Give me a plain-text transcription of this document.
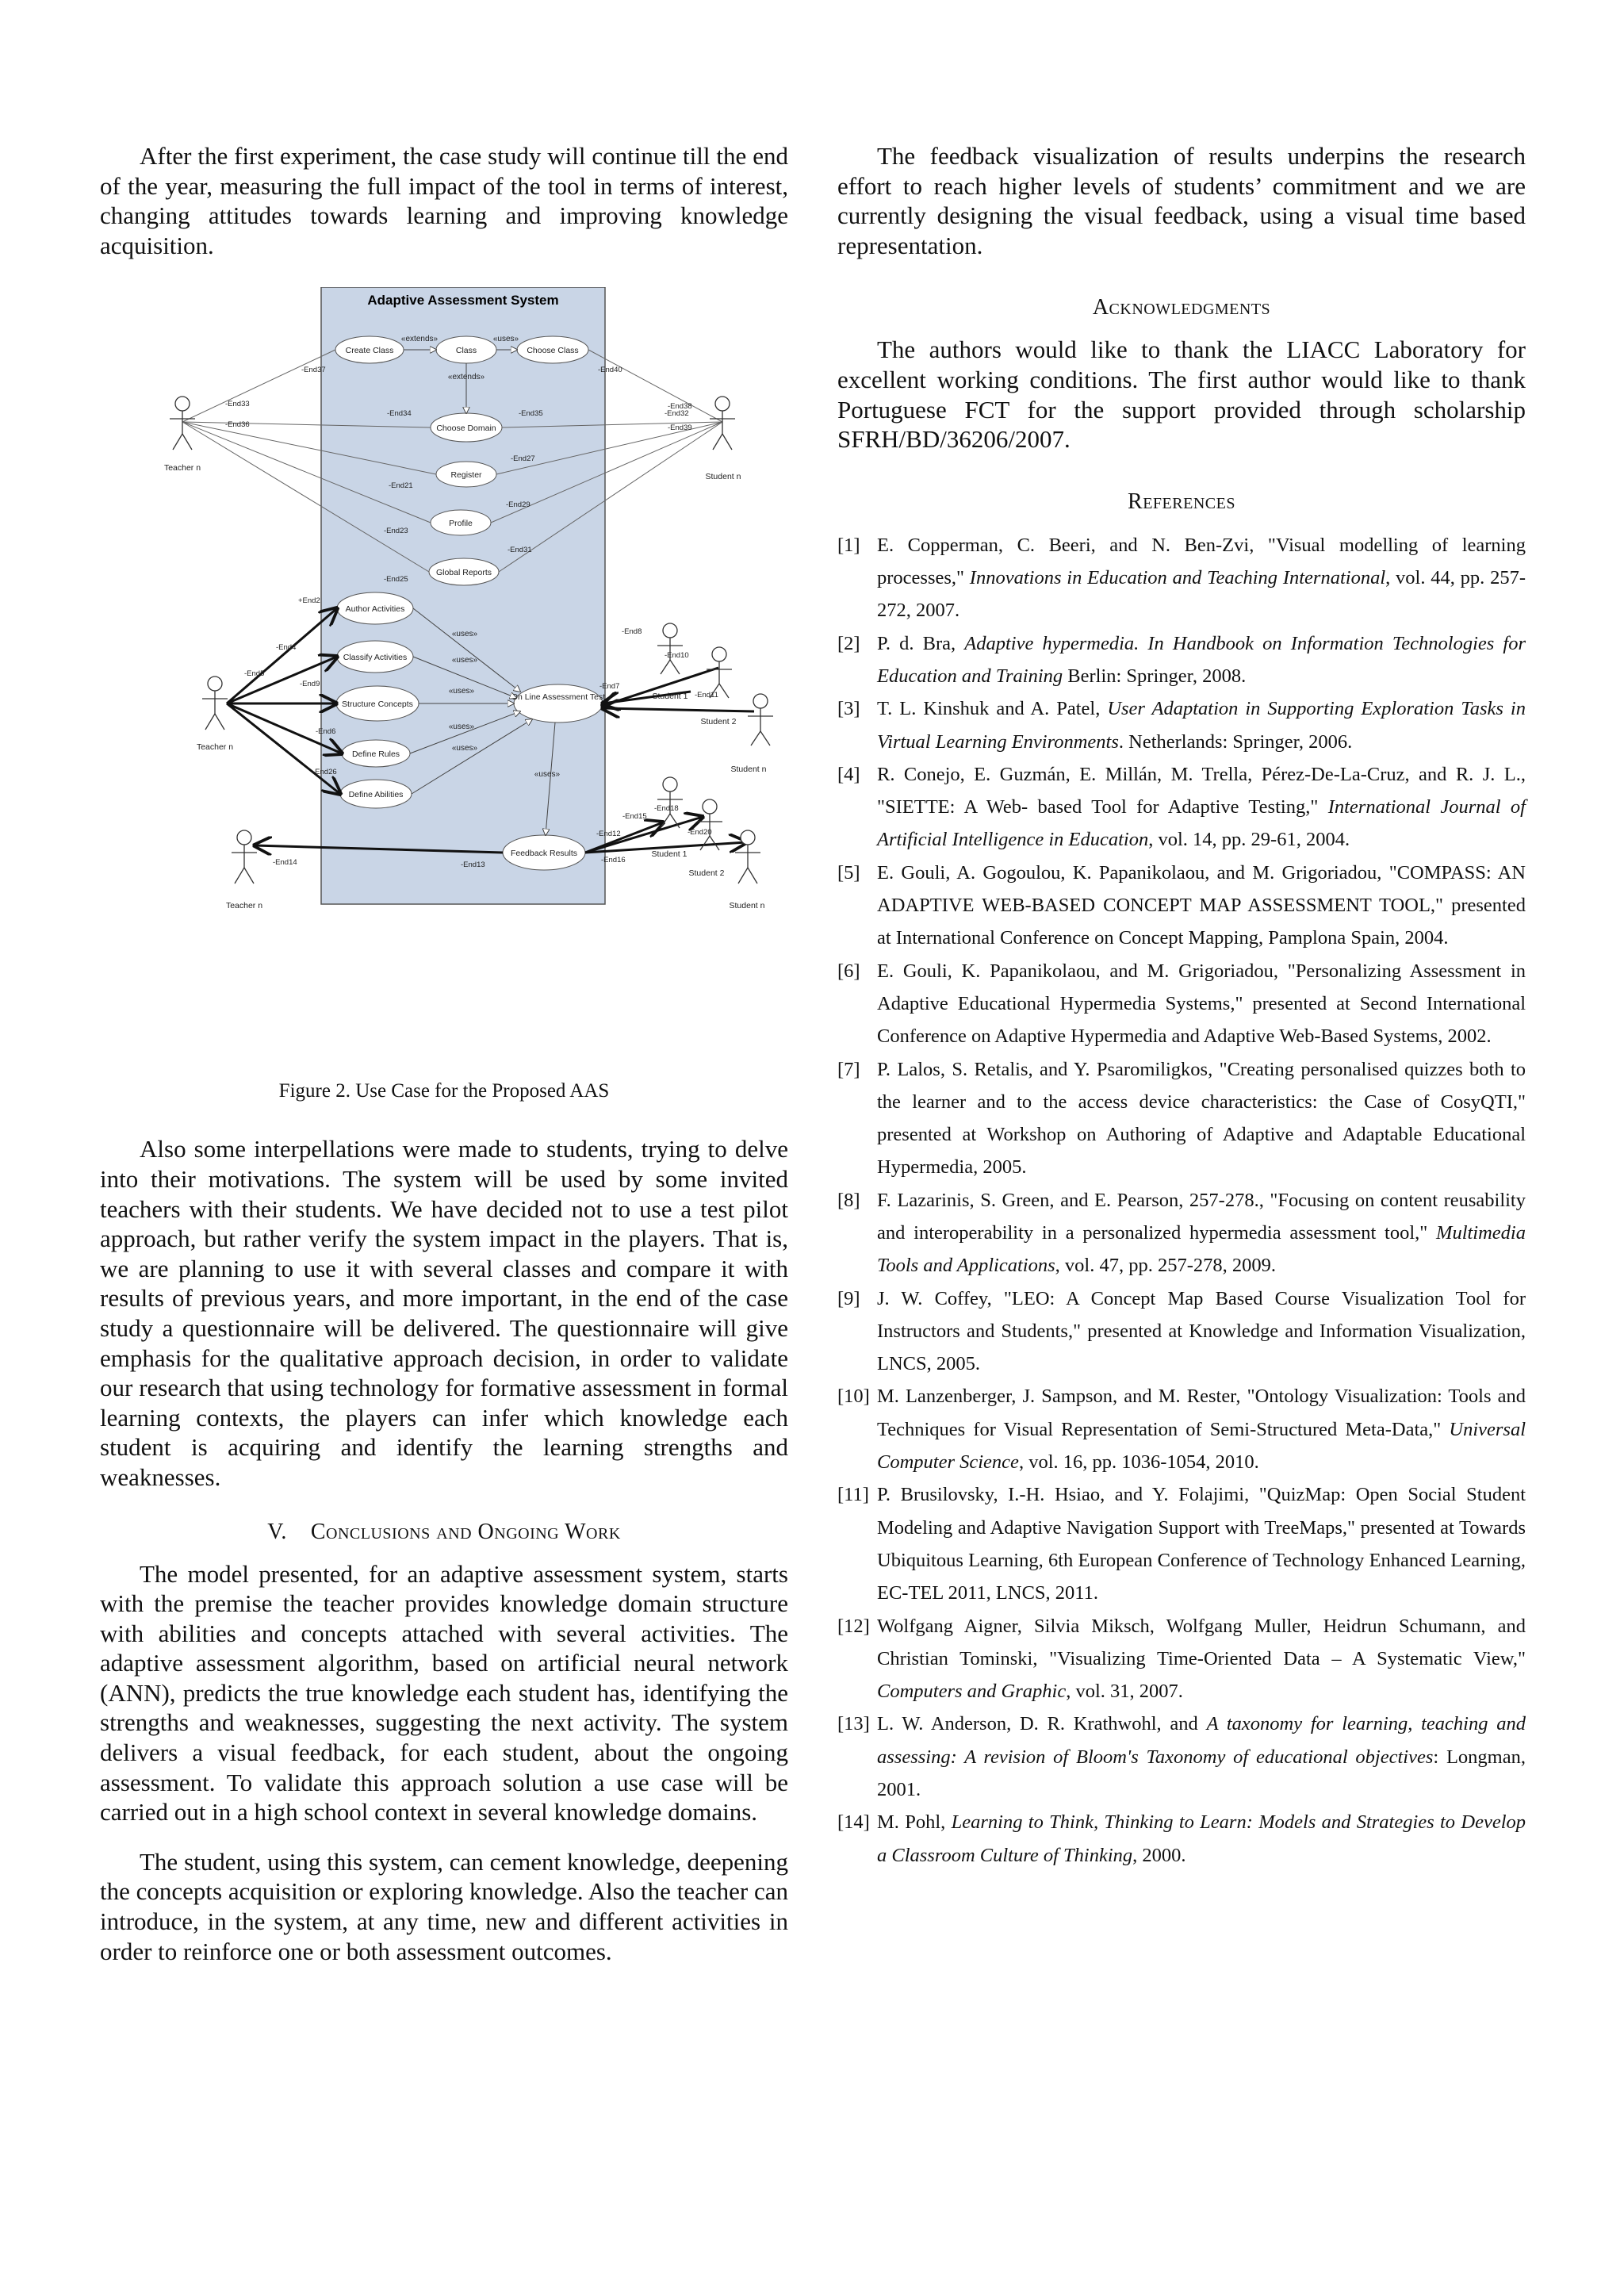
After the first experiment, the case study will continue till the end of the year, measuring the full impact of the tool in terms of interest, changing attitudes towards learning and improving knowledge acquisition.

Adaptive Assessment System
Create Class	Class	Choose Class
Choose Domain
Register
Profile
Global Reports
Author Activities
Classify Activities
Structure Concepts
Define Rules
Define Abilities
On Line Assessment Test
Feedback Results
«extends»	«uses»
«extends»
«uses»
«uses»
«uses»
«uses»
«uses»
«uses»
Teacher n
Student n
Teacher n
Student 1
Student 2
Student n
Student 1
Student 2
Teacher n	Student n
-End37	-End40
-End33
-End36
-End34	-End35
-End38
-End32
-End39
-End27
-End21
-End29
-End23
-End31
-End25
+End2
-End4
-End9
-End5
-End6
-End26
-End8
-End10
-End11
-End7
-End14	-End13
-End15
-End18
-End20
-End16
-End12
Figure 2. Use Case for the Proposed AAS

Also some interpellations were made to students, trying to delve into their motivations. The system will be used by some invited teachers with their students. We have decided not to use a test pilot approach, but rather verify the system impact in the players. That is, we are planning to use it with several classes and compare it with results of previous years, and more important, in the end of the case study a questionnaire will be delivered. The questionnaire will give emphasis for the qualitative approach decision, in order to validate our research that using technology for formative assessment in formal learning contexts, the players can infer which knowledge each student is acquiring and identify the learning strengths and weaknesses.

V. Conclusions and Ongoing Work

The model presented, for an adaptive assessment system, starts with the premise the teacher provides knowledge domain structure with abilities and concepts attached with several activities. The adaptive assessment algorithm, based on artificial neural network (ANN), predicts the true knowledge each student has, identifying the strengths and weaknesses, suggesting the next activity. The system delivers a visual feedback, for each student, about the ongoing assessment. To validate this approach solution a use case will be carried out in a high school context in several knowledge domains.

The student, using this system, can cement knowledge, deepening the concepts acquisition or exploring knowledge. Also the teacher can introduce, in the system, at any time, new and different activities in order to reinforce one or both assessment outcomes.

The feedback visualization of results underpins the research effort to reach higher levels of students’ commitment and we are currently designing the visual feedback, using a visual time based representation.

Acknowledgments

The authors would like to thank the LIACC Laboratory for excellent working conditions. The first author would like to thank Portuguese FCT for the support provided through scholarship SFRH/BD/36206/2007.

References
[1] E. Copperman, C. Beeri, and N. Ben-Zvi, "Visual modelling of learning processes," Innovations in Education and Teaching International, vol. 44, pp. 257-272, 2007.
[2] P. d. Bra, Adaptive hypermedia. In Handbook on Information Technologies for Education and Training Berlin: Springer, 2008.
[3] T. L. Kinshuk and A. Patel, User Adaptation in Supporting Exploration Tasks in Virtual Learning Environments. Netherlands: Springer, 2006.
[4] R. Conejo, E. Guzmán, E. Millán, M. Trella, Pérez-De-La-Cruz, and R. J. L., "SIETTE: A Web- based Tool for Adaptive Testing," International Journal of Artificial Intelligence in Education, vol. 14, pp. 29-61, 2004.
[5] E. Gouli, A. Gogoulou, K. Papanikolaou, and M. Grigoriadou, "COMPASS: AN ADAPTIVE WEB-BASED CONCEPT MAP ASSESSMENT TOOL," presented at International Conference on Concept Mapping, Pamplona Spain, 2004.
[6] E. Gouli, K. Papanikolaou, and M. Grigoriadou, "Personalizing Assessment in Adaptive Educational Hypermedia Systems," presented at Second International Conference on Adaptive Hypermedia and Adaptive Web-Based Systems, 2002.
[7] P. Lalos, S. Retalis, and Y. Psaromiligkos, "Creating personalised quizzes both to the learner and to the access device characteristics: the Case of CosyQTI," presented at Workshop on Authoring of Adaptive and Adaptable Educational Hypermedia, 2005.
[8] F. Lazarinis, S. Green, and E. Pearson, 257-278., "Focusing on content reusability and interoperability in a personalized hypermedia assessment tool," Multimedia Tools and Applications, vol. 47, pp. 257-278, 2009.
[9] J. W. Coffey, "LEO: A Concept Map Based Course Visualization Tool for Instructors and Students," presented at Knowledge and Information Visualization, LNCS, 2005.
[10] M. Lanzenberger, J. Sampson, and M. Rester, "Ontology Visualization: Tools and Techniques for Visual Representation of Semi-Structured Meta-Data," Universal Computer Science, vol. 16, pp. 1036-1054, 2010.
[11] P. Brusilovsky, I.-H. Hsiao, and Y. Folajimi, "QuizMap: Open Social Student Modeling and Adaptive Navigation Support with TreeMaps," presented at Towards Ubiquitous Learning, 6th European Conference of Technology Enhanced Learning, EC-TEL 2011, LNCS, 2011.
[12] Wolfgang Aigner, Silvia Miksch, Wolfgang Muller, Heidrun Schumann, and Christian Tominski, "Visualizing Time-Oriented Data – A Systematic View," Computers and Graphic, vol. 31, 2007.
[13] L. W. Anderson, D. R. Krathwohl, and A taxonomy for learning, teaching and assessing: A revision of Bloom's Taxonomy of educational objectives: Longman, 2001.
[14] M. Pohl, Learning to Think, Thinking to Learn: Models and Strategies to Develop a Classroom Culture of Thinking, 2000.
